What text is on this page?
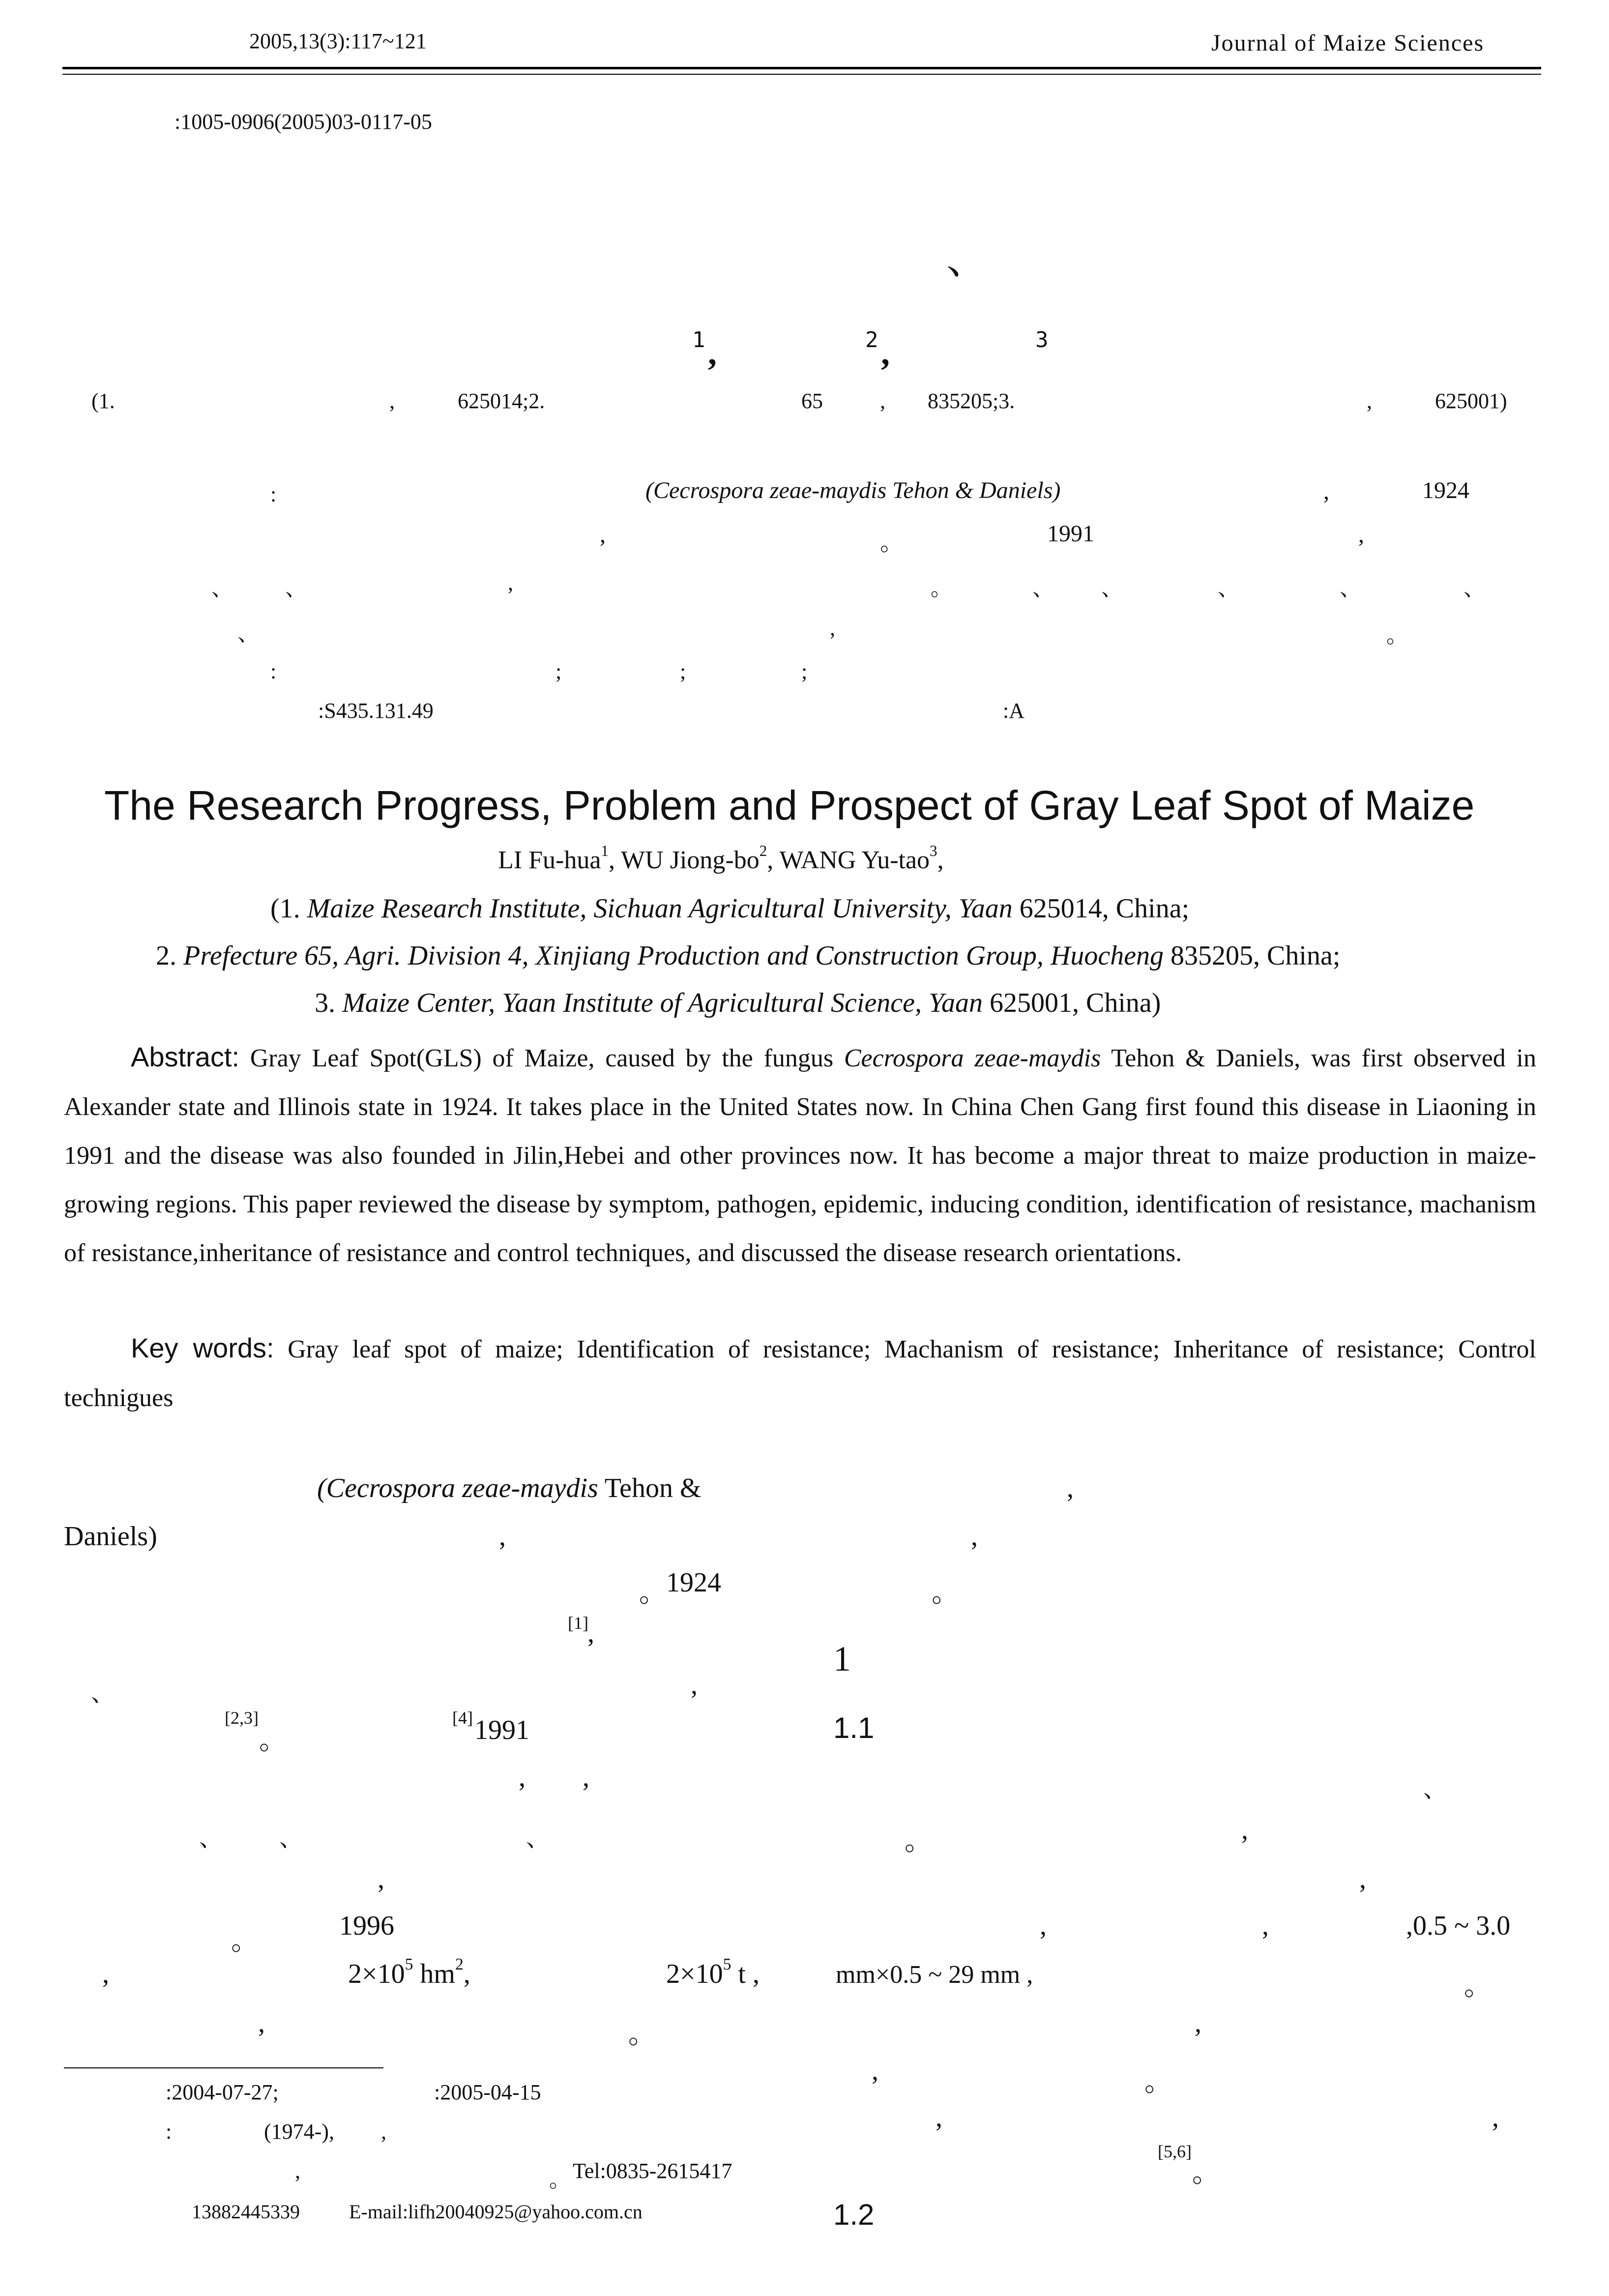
2005,13(3):117~121	Journal of Maize Sciences
:1005-0906(2005)03-0117-05
、
1 ,	2 ,	3
(1.	,	625014;2.	65	, 835205;3.	,	625001)
:	(Cecrospora zeae-maydis Tehon & Daniels)	,	1924
,	。	1991	,
、 、	,	。	、 、	、	、	、
、	,	。
:	;	;	;
:S435.131.49	:A
The Research Progress, Problem and Prospect of Gray Leaf Spot of Maize
LI Fu-hua$^1$, WU Jiong-$bo^2$, WANG Yu-tao$^3$,
(1. Maize Research Institute, Sichuan Agricultural University, Yaan 625014, China;
2. Prefecture 65, Agri. Division 4, Xinjiang Production and Construction Group, Huocheng 835205, China;
3. Maize Center, Yaan Institute of Agricultural Science, Yaan 625001, China)
Abstract: Gray Leaf Spot(GLS) of Maize, caused by the fungus Cecrospora zeae-maydis Tehon & Daniels, was first observed in Alexander state and Illinois state in 1924. It takes place in the United States now. In China Chen Gang first found this disease in Liaoning in 1991 and the disease was also founded in Jilin,Hebei and other provinces now. It has become a major threat to maize production in maize-growing regions. This paper reviewed the disease by symptom, pathogen, epidemic, inducing condition, identification of resistance, machanism of resistance,inheritance of resistance and control techniques, and discussed the disease research orientations.
Key words: Gray leaf spot of maize; Identification of resistance; Machanism of resistance; Inheritance of resistance; Control technigues
(Cecrospora zeae-maydis Tehon &	,
Daniels)	,	,
。 1924	。
[1]
,
、	,
[2,3]
。
[4] 1991
1
1.1
1.2
, ,	、
、 、	、	。	,
,	,
。	1996	,	,	,0.5 ~ 3.0
,	$2\times 10^5$ $hm^2$,	$2\times 10^5$ t ,	mm×0.5 ~ 29 mm ,	。
,	。	,
,	。
,	,
[5,6]
。
:2004-07-27;	:2005-04-15
:	(1974-), ,
,	。 Tel:0835-2615417
13882445339	E-mail:lifh20040925@yahoo.com.cn
